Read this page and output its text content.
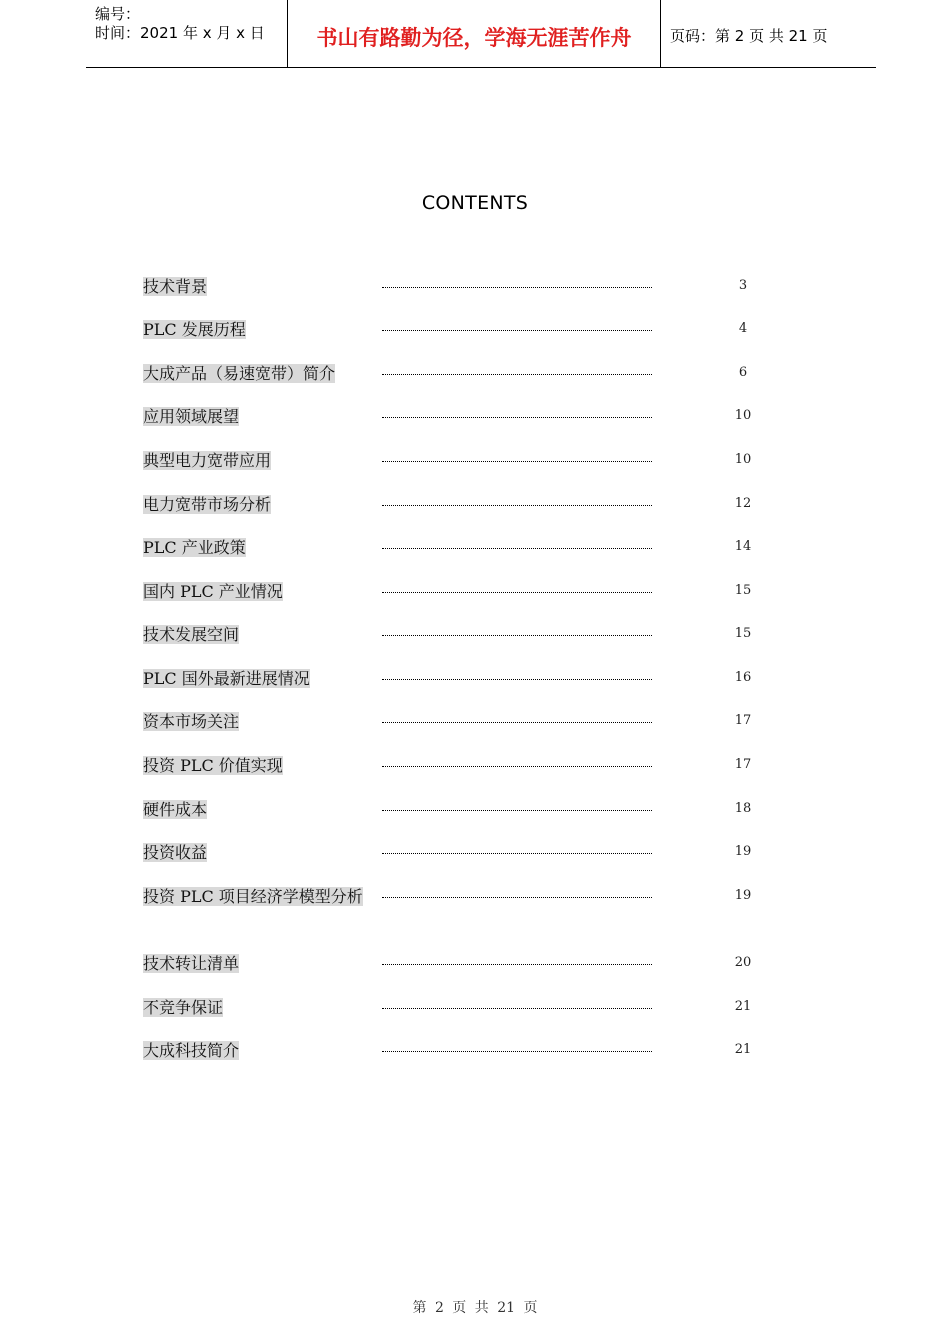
编号：
时间：2021 年 x 月 x 日	书山有路勤为径，学海无涯苦作舟	页码：第 2 页 共 21 页
CONTENTS
技术背景	3
PLC 发展历程	4
大成产品（易速宽带）简介	6
应用领域展望	10
典型电力宽带应用	10
电力宽带市场分析	12
PLC 产业政策	14
国内 PLC 产业情况	15
技术发展空间	15
PLC 国外最新进展情况	16
资本市场关注	17
投资 PLC 价值实现	17
硬件成本	18
投资收益	19
投资 PLC 项目经济学模型分析	19
技术转让清单	20
不竞争保证	21
大成科技简介	21
第 2 页 共 21 页
